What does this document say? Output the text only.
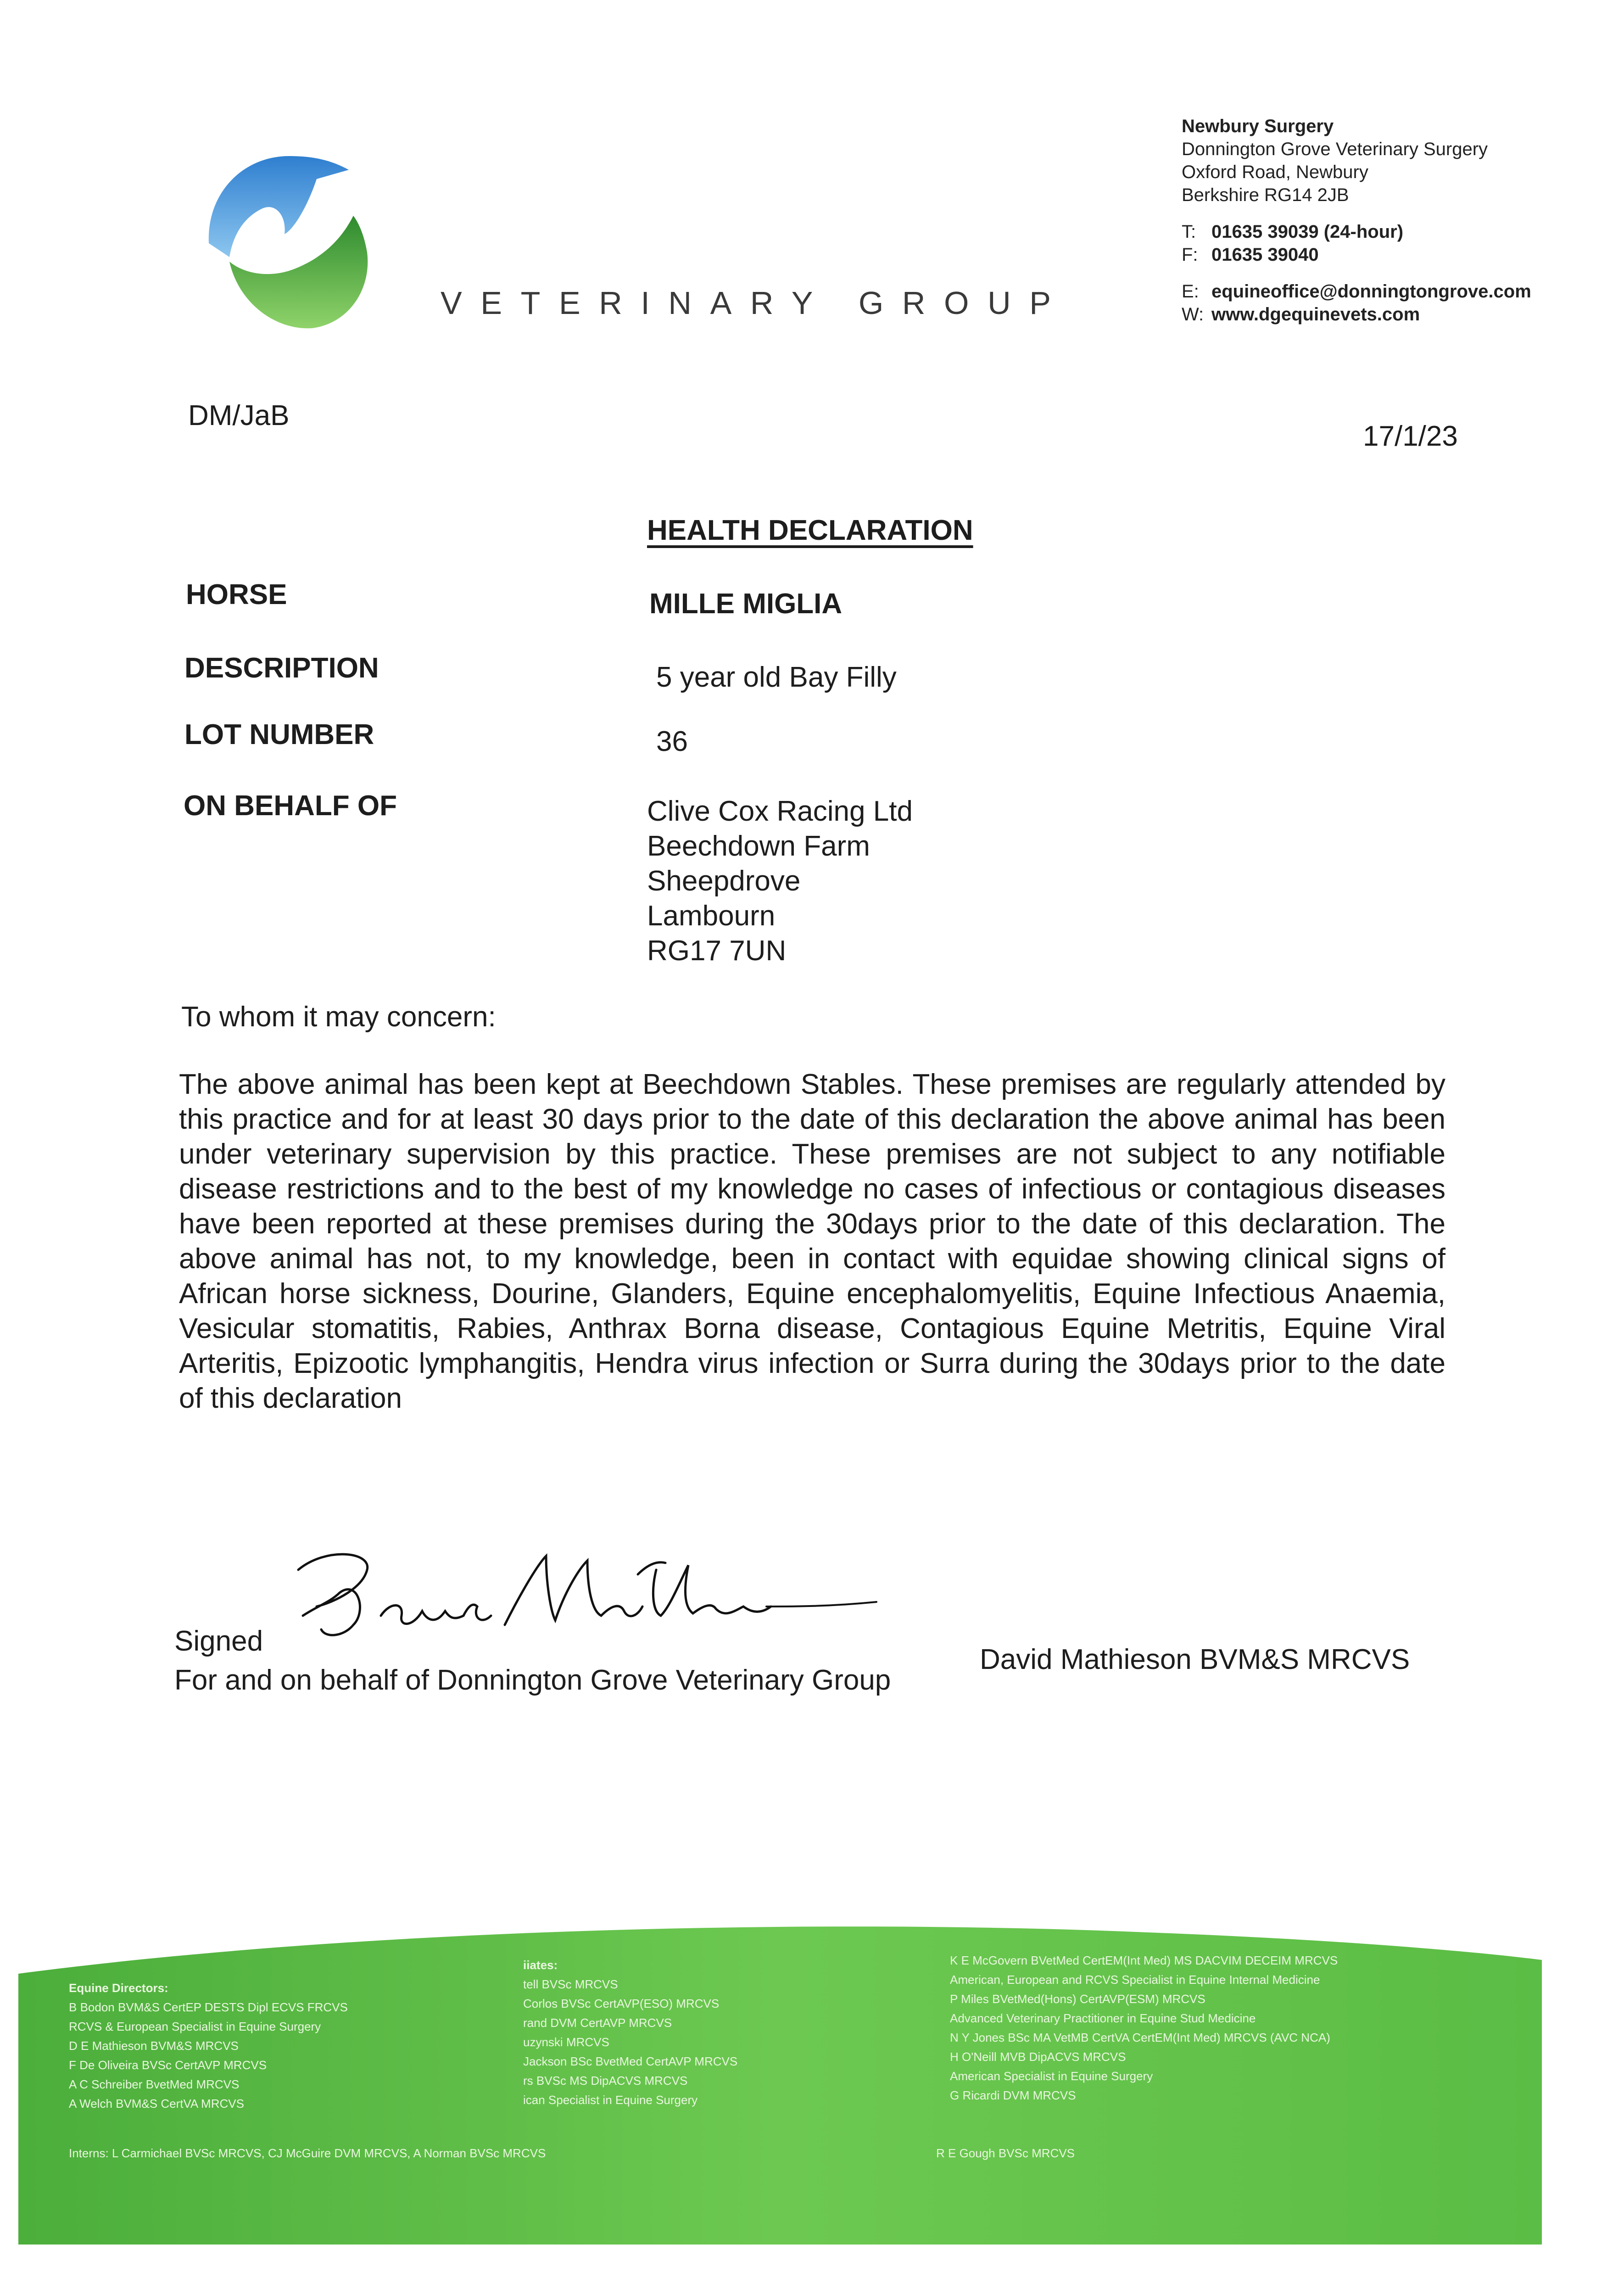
VETERINARY GROUP
Newbury Surgery
Donnington Grove Veterinary Surgery
Oxford Road, Newbury
Berkshire RG14 2JB
T: 01635 39039 (24-hour)
F: 01635 39040
E: equineoffice@donningtongrove.com
W: www.dgequinevets.com
DM/JaB
17/1/23
HEALTH DECLARATION
HORSE	MILLE MIGLIA
DESCRIPTION	5 year old Bay Filly
LOT NUMBER	36
ON BEHALF OF	Clive Cox Racing Ltd
Beechdown Farm
Sheepdrove
Lambourn
RG17 7UN
To whom it may concern:
The above animal has been kept at Beechdown Stables. These premises are regularly attended by this practice and for at least 30 days prior to the date of this declaration the above animal has been under veterinary supervision by this practice. These premises are not subject to any notifiable disease restrictions and to the best of my knowledge no cases of infectious or contagious diseases have been reported at these premises during the 30days prior to the date of this declaration. The above animal has not, to my knowledge, been in contact with equidae showing clinical signs of African horse sickness, Dourine, Glanders, Equine encephalomyelitis, Equine Infectious Anaemia, Vesicular stomatitis, Rabies, Anthrax Borna disease, Contagious Equine Metritis, Equine Viral Arteritis, Epizootic lymphangitis, Hendra virus infection or Surra during the 30days prior to the date of this declaration
Signed
For and on behalf of Donnington Grove Veterinary Group
David Mathieson BVM&S MRCVS
Equine Directors:
B Bodon BVM&S CertEP DESTS Dipl ECVS FRCVS
RCVS & European Specialist in Equine Surgery
D E Mathieson BVM&S MRCVS
F De Oliveira BVSc CertAVP MRCVS
A C Schreiber BvetMed MRCVS
A Welch BVM&S CertVA MRCVS
iiates:
tell BVSc MRCVS
Corlos BVSc CertAVP(ESO) MRCVS
rand DVM CertAVP MRCVS
uzynski MRCVS
Jackson BSc BvetMed CertAVP MRCVS
rs BVSc MS DipACVS MRCVS
ican Specialist in Equine Surgery
K E McGovern BVetMed CertEM(Int Med) MS DACVIM DECEIM MRCVS
American, European and RCVS Specialist in Equine Internal Medicine
P Miles BVetMed(Hons) CertAVP(ESM) MRCVS
Advanced Veterinary Practitioner in Equine Stud Medicine
N Y Jones BSc MA VetMB CertVA CertEM(Int Med) MRCVS (AVC NCA)
H O'Neill MVB DipACVS MRCVS
American Specialist in Equine Surgery
G Ricardi DVM MRCVS
Interns: L Carmichael BVSc MRCVS, CJ McGuire DVM MRCVS, A Norman BVSc MRCVS	R E Gough BVSc MRCVS
